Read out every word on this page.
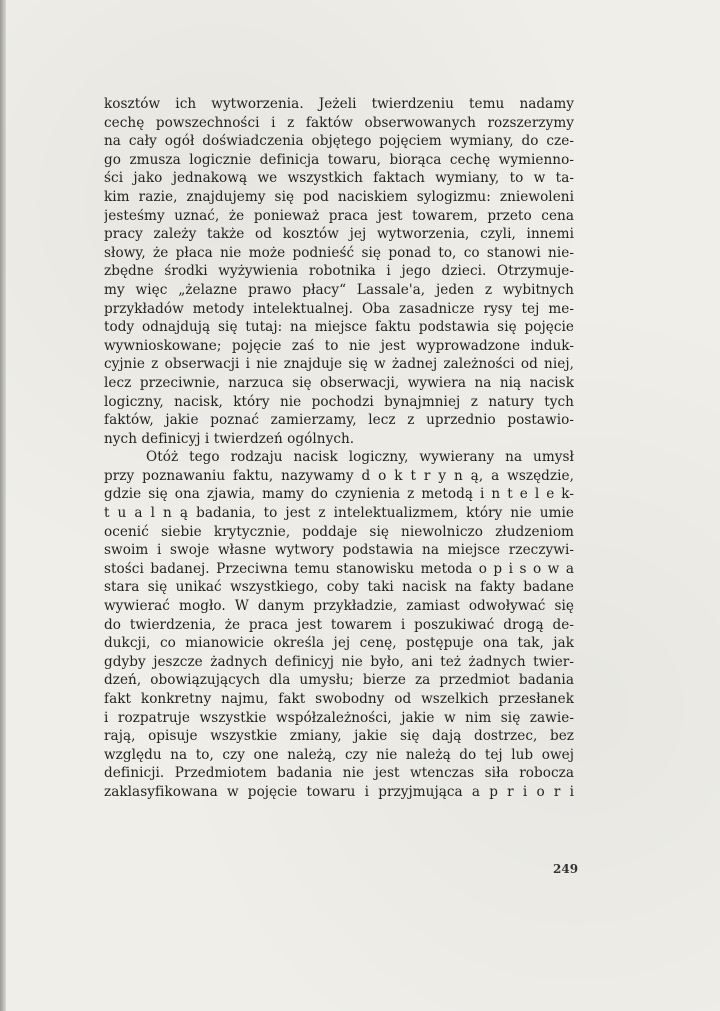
kosztów ich wytworzenia. Jeżeli twierdzeniu temu nadamy
cechę powszechności i z faktów obserwowanych rozszerzymy
na cały ogół doświadczenia objętego pojęciem wymiany, do cze-
go zmusza logicznie definicja towaru, biorąca cechę wymienno-
ści jako jednakową we wszystkich faktach wymiany, to w ta-
kim razie, znajdujemy się pod naciskiem sylogizmu: zniewoleni
jesteśmy uznać, że ponieważ praca jest towarem, przeto cena
pracy zależy także od kosztów jej wytworzenia, czyli, innemi
słowy, że płaca nie może podnieść się ponad to, co stanowi nie-
zbędne środki wyżywienia robotnika i jego dzieci. Otrzymuje-
my więc „żelazne prawo płacy“ Lassale'a, jeden z wybitnych
przykładów metody intelektualnej. Oba zasadnicze rysy tej me-
tody odnajdują się tutaj: na miejsce faktu podstawia się pojęcie
wywnioskowane; pojęcie zaś to nie jest wyprowadzone induk-
cyjnie z obserwacji i nie znajduje się w żadnej zależności od niej,
lecz przeciwnie, narzuca się obserwacji, wywiera na nią nacisk
logiczny, nacisk, który nie pochodzi bynajmniej z natury tych
faktów, jakie poznać zamierzamy, lecz z uprzednio postawio-
nych definicyj i twierdzeń ogólnych.
Otóż tego rodzaju nacisk logiczny, wywierany na umysł
przy poznawaniu faktu, nazywamy d o k t r y n ą, a wszędzie,
gdzie się ona zjawia, mamy do czynienia z metodą i n t e l e k-
t u a l n ą badania, to jest z intelektualizmem, który nie umie
ocenić siebie krytycznie, poddaje się niewolniczo złudzeniom
swoim i swoje własne wytwory podstawia na miejsce rzeczywi-
stości badanej. Przeciwna temu stanowisku metoda o p i s o w a
stara się unikać wszystkiego, coby taki nacisk na fakty badane
wywierać mogło. W danym przykładzie, zamiast odwoływać się
do twierdzenia, że praca jest towarem i poszukiwać drogą de-
dukcji, co mianowicie określa jej cenę, postępuje ona tak, jak
gdyby jeszcze żadnych definicyj nie było, ani też żadnych twier-
dzeń, obowiązujących dla umysłu; bierze za przedmiot badania
fakt konkretny najmu, fakt swobodny od wszelkich przesłanek
i rozpatruje wszystkie współzależności, jakie w nim się zawie-
rają, opisuje wszystkie zmiany, jakie się dają dostrzec, bez
względu na to, czy one należą, czy nie należą do tej lub owej
definicji. Przedmiotem badania nie jest wtenczas siła robocza
zaklasyfikowana w pojęcie towaru i przyjmująca a p r i o r i
249
